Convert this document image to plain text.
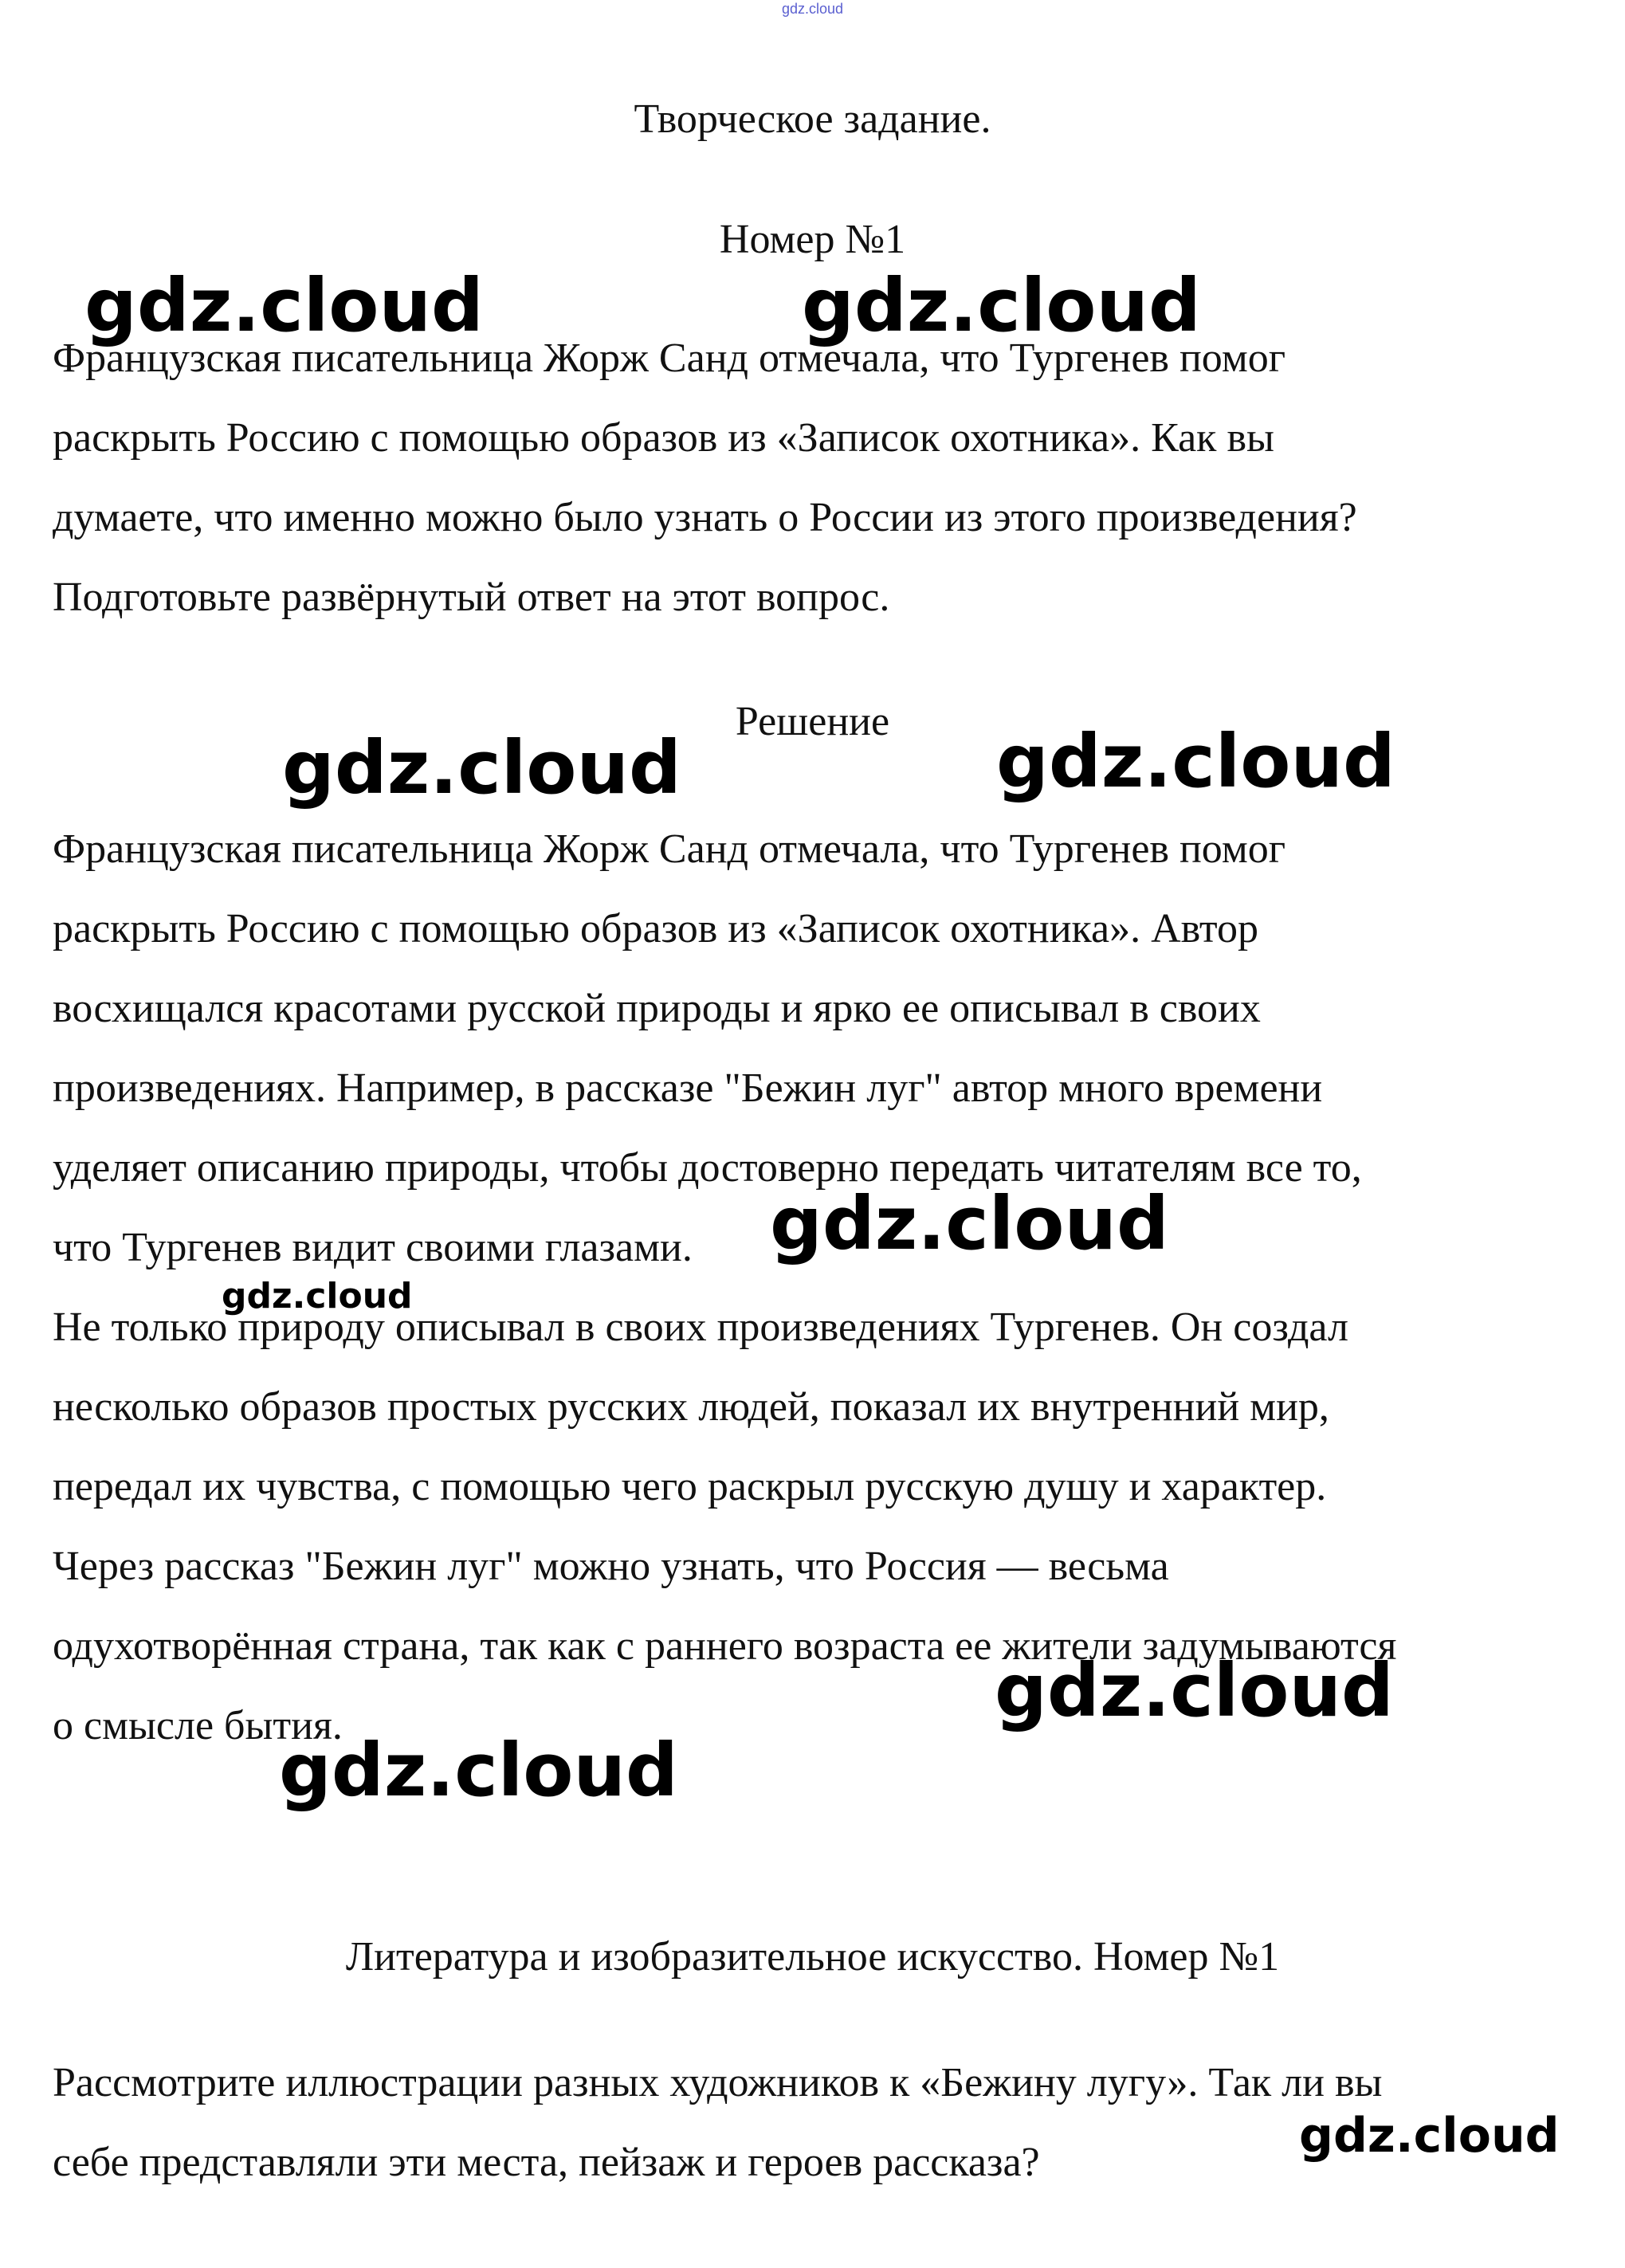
gdz.cloud
Творческое задание.
Номер №1

Французская писательница Жорж Санд отмечала, что Тургенев помог

раскрыть Россию с помощью образов из «Записок охотника». Как вы

думаете, что именно можно было узнать о России из этого произведения?

Подготовьте развёрнутый ответ на этот вопрос.

Решение

Французская писательница Жорж Санд отмечала, что Тургенев помог

раскрыть Россию с помощью образов из «Записок охотника». Автор

восхищался красотами русской природы и ярко ее описывал в своих

произведениях. Например, в рассказе "Бежин луг" автор много времени

уделяет описанию природы, чтобы достоверно передать читателям все то,

что Тургенев видит своими глазами.

Не только природу описывал в своих произведениях Тургенев. Он создал

несколько образов простых русских людей, показал их внутренний мир,

передал их чувства, с помощью чего раскрыл русскую душу и характер.

Через рассказ "Бежин луг" можно узнать, что Россия — весьма

одухотворённая страна, так как с раннего возраста ее жители задумываются

о смысле бытия.

Литература и изобразительное искусство. Номер №1

Рассмотрите иллюстрации разных художников к «Бежину лугу». Так ли вы

себе представляли эти места, пейзаж и героев рассказа?

gdz.cloud	gdz.cloud
gdz.cloud	gdz.cloud
gdz.cloud
gdz.cloud
gdz.cloud
gdz.cloud
gdz.cloud
